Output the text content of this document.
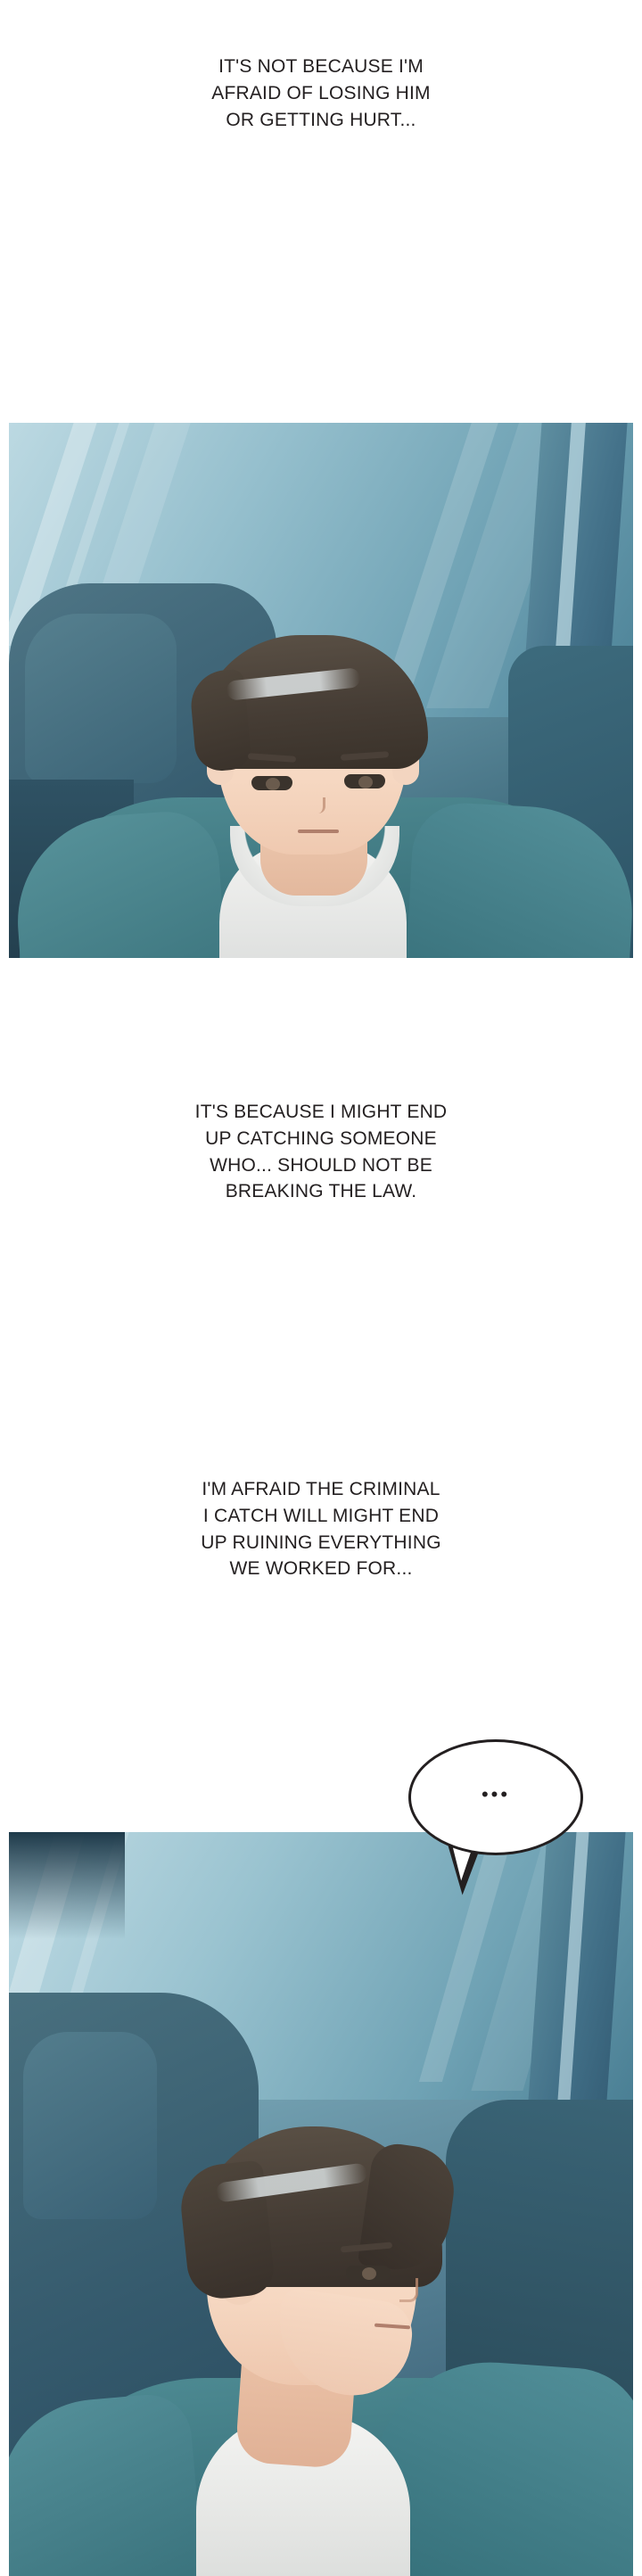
IT'S NOT BECAUSE I'M
AFRAID OF LOSING HIM
OR GETTING HURT...
IT'S BECAUSE I MIGHT END
UP CATCHING SOMEONE
WHO... SHOULD NOT BE
BREAKING THE LAW.
I'M AFRAID THE CRIMINAL
I CATCH WILL MIGHT END
UP RUINING EVERYTHING
WE WORKED FOR...
•••
